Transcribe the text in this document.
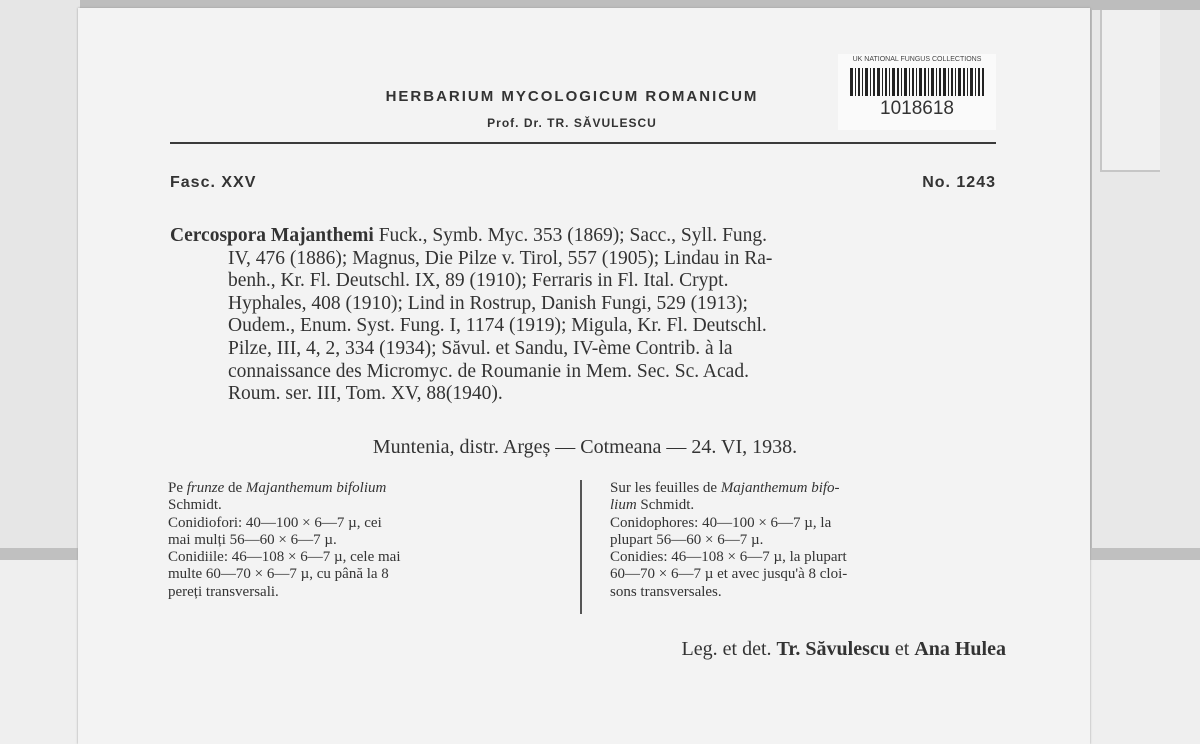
HERBARIUM MYCOLOGICUM ROMANICUM
Prof. Dr. TR. SĂVULESCU
UK NATIONAL FUNGUS COLLECTIONS
1018618
Fasc. XXV	No. 1243
Cercospora Majanthemi Fuck., Symb. Myc. 353 (1869); Sacc., Syll. Fung.
IV, 476 (1886); Magnus, Die Pilze v. Tirol, 557 (1905); Lindau in Ra-
benh., Kr. Fl. Deutschl. IX, 89 (1910); Ferraris in Fl. Ital. Crypt.
Hyphales, 408 (1910); Lind in Rostrup, Danish Fungi, 529 (1913);
Oudem., Enum. Syst. Fung. I, 1174 (1919); Migula, Kr. Fl. Deutschl.
Pilze, III, 4, 2, 334 (1934); Săvul. et Sandu, IV-ème Contrib. à la
connaissance des Micromyc. de Roumanie in Mem. Sec. Sc. Acad.
Roum. ser. III, Tom. XV, 88(1940).
Muntenia, distr. Argeș — Cotmeana — 24. VI, 1938.
Pe frunze de Majanthemum bifolium
Schmidt.
Conidiofori: 40—100 × 6—7 µ, cei
mai mulți 56—60 × 6—7 µ.
Conidiile: 46—108 × 6—7 µ, cele mai
multe 60—70 × 6—7 µ, cu până la 8
pereți transversali.
Sur les feuilles de Majanthemum bifo-
lium Schmidt.
Conidophores: 40—100 × 6—7 µ, la
plupart 56—60 × 6—7 µ.
Conidies: 46—108 × 6—7 µ, la plupart
60—70 × 6—7 µ et avec jusqu'à 8 cloi-
sons transversales.
Leg. et det. Tr. Săvulescu et Ana Hulea
